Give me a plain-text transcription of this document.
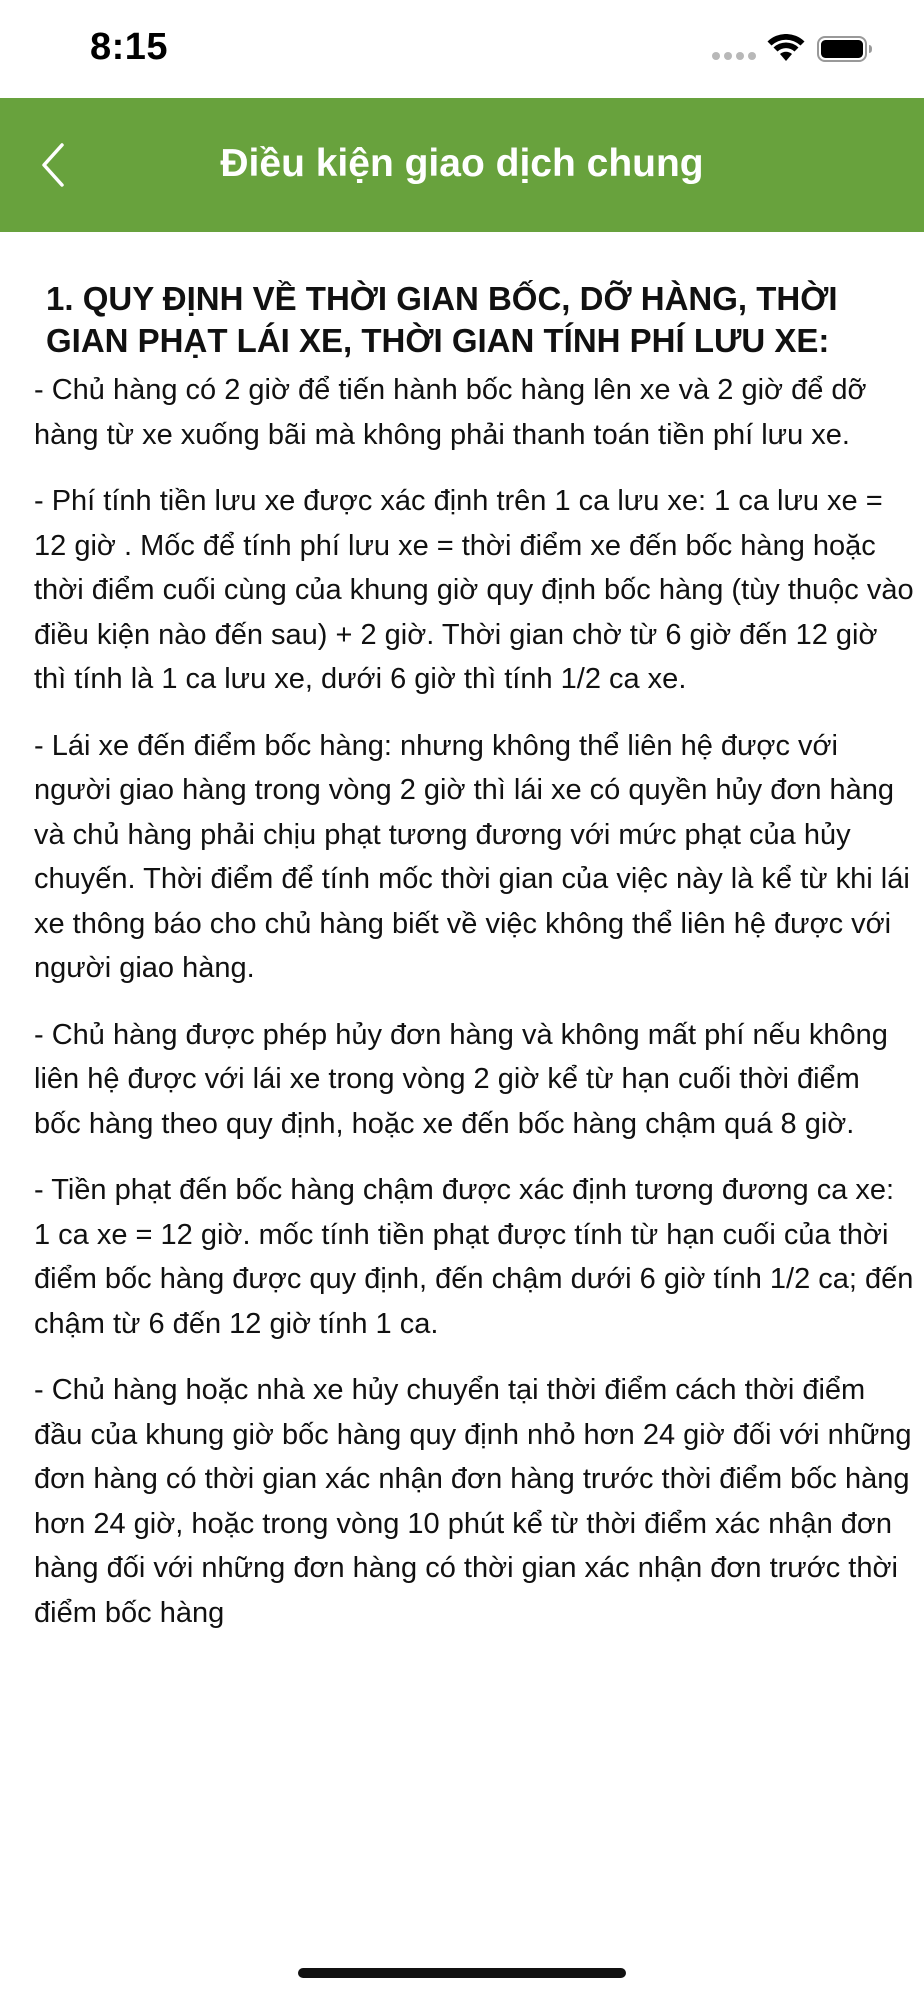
8:15
Điều kiện giao dịch chung
1. QUY ĐỊNH VỀ THỜI GIAN BỐC, DỠ HÀNG, THỜI GIAN PHẠT LÁI XE, THỜI GIAN TÍNH PHÍ LƯU XE:

- Chủ hàng có 2 giờ để tiến hành bốc hàng lên xe và 2 giờ để dỡ hàng từ xe xuống bãi mà không phải thanh toán tiền phí lưu xe.

- Phí tính tiền lưu xe được xác định trên 1 ca lưu xe: 1 ca lưu xe = 12 giờ . Mốc để tính phí lưu xe = thời điểm xe đến bốc hàng hoặc thời điểm cuối cùng của khung giờ quy định bốc hàng (tùy thuộc vào điều kiện nào đến sau) + 2 giờ. Thời gian chờ từ 6 giờ đến 12 giờ thì tính là 1 ca lưu xe, dưới 6 giờ thì tính 1/2 ca xe.

- Lái xe đến điểm bốc hàng: nhưng không thể liên hệ được với người giao hàng trong vòng 2 giờ thì lái xe có quyền hủy đơn hàng và chủ hàng phải chịu phạt tương đương với mức phạt của hủy chuyến. Thời điểm để tính mốc thời gian của việc này là kể từ khi lái xe thông báo cho chủ hàng biết về việc không thể liên hệ được với người giao hàng.

- Chủ hàng được phép hủy đơn hàng và không mất phí nếu không liên hệ được với lái xe trong vòng 2 giờ kể từ hạn cuối thời điểm bốc hàng theo quy định, hoặc xe đến bốc hàng chậm quá 8 giờ.

- Tiền phạt đến bốc hàng chậm được xác định tương đương ca xe: 1 ca xe = 12 giờ. mốc tính tiền phạt được tính từ hạn cuối của thời điểm bốc hàng được quy định, đến chậm dưới 6 giờ tính 1/2 ca; đến chậm từ 6 đến 12 giờ tính 1 ca.

- Chủ hàng hoặc nhà xe hủy chuyển tại thời điểm cách thời điểm đầu của khung giờ bốc hàng quy định nhỏ hơn 24 giờ đối với những đơn hàng có thời gian xác nhận đơn hàng trước thời điểm bốc hàng hơn 24 giờ, hoặc trong vòng 10 phút kể từ thời điểm xác nhận đơn hàng đối với những đơn hàng có thời gian xác nhận đơn trước thời điểm bốc hàng
